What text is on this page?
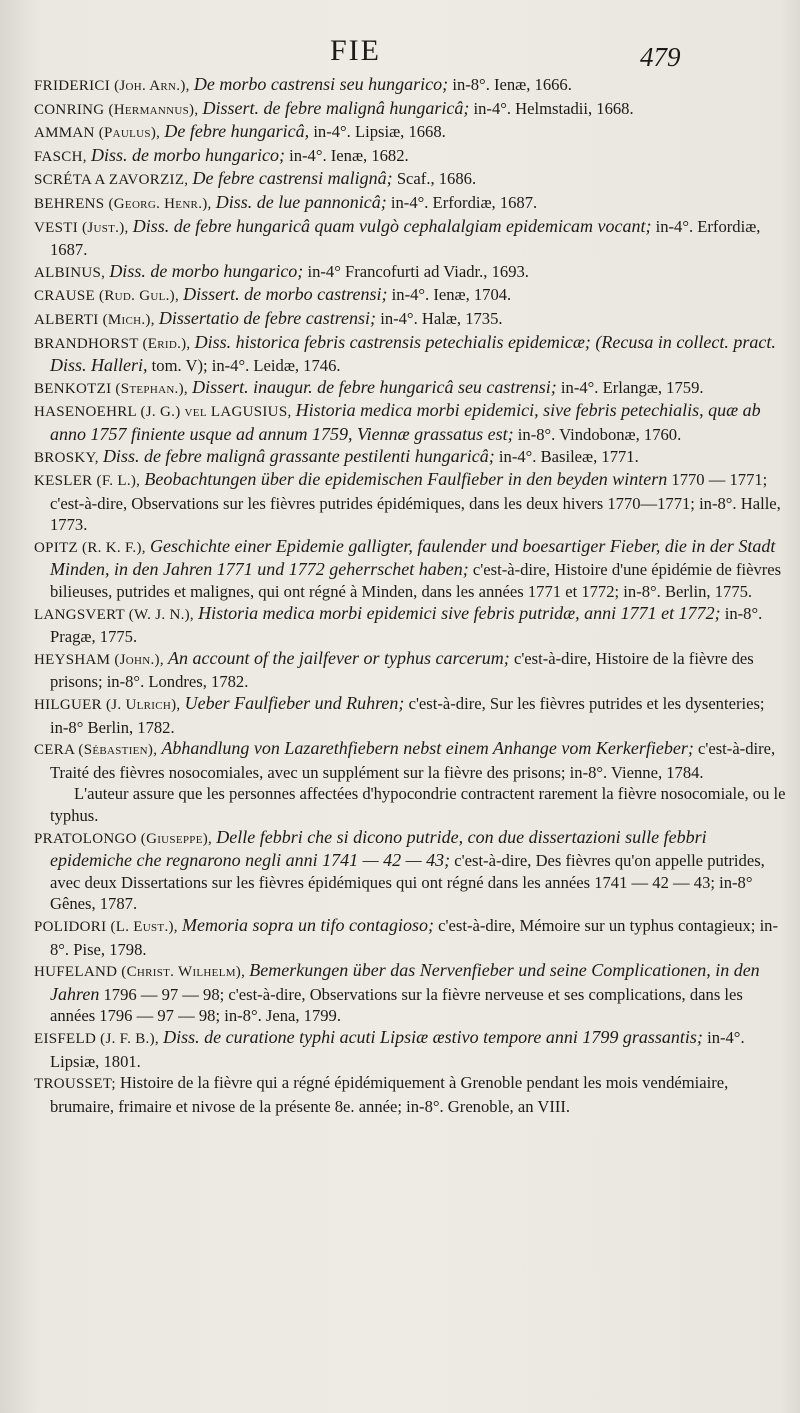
FIE	479

FRIDERICI (Joh. Arn.), De morbo castrensi seu hungarico; in-8°. Ienæ, 1666.

CONRING (Hermannus), Dissert. de febre malignâ hungaricâ; in-4°. Helmstadii, 1668.

AMMAN (Paulus), De febre hungaricâ, in-4°. Lipsiæ, 1668.

FASCH, Diss. de morbo hungarico; in-4°. Ienæ, 1682.

SCRÉTA A ZAVORZIZ, De febre castrensi malignâ; Scaf., 1686.

BEHRENS (Georg. Henr.), Diss. de lue pannonicâ; in-4°. Erfordiæ, 1687.

VESTI (Just.), Diss. de febre hungaricâ quam vulgò cephalalgiam epidemicam vocant; in-4°. Erfordiæ, 1687.

ALBINUS, Diss. de morbo hungarico; in-4° Francofurti ad Viadr., 1693.

CRAUSE (Rud. Gul.), Dissert. de morbo castrensi; in-4°. Ienæ, 1704.

ALBERTI (Mich.), Dissertatio de febre castrensi; in-4°. Halæ, 1735.

BRANDHORST (Erid.), Diss. historica febris castrensis petechialis epidemicæ; (Recusa in collect. pract. Diss. Halleri, tom. V); in-4°. Leidæ, 1746.

BENKOTZI (Stephan.), Dissert. inaugur. de febre hungaricâ seu castrensi; in-4°. Erlangæ, 1759.

HASENOEHRL (J. G.) vel LAGUSIUS, Historia medica morbi epidemici, sive febris petechialis, quæ ab anno 1757 finiente usque ad annum 1759, Viennæ grassatus est; in-8°. Vindobonæ, 1760.

BROSKY, Diss. de febre malignâ grassante pestilenti hungaricâ; in-4°. Basileæ, 1771.

KESLER (F. L.), Beobachtungen über die epidemischen Faulfieber in den beyden wintern 1770 — 1771; c'est-à-dire, Observations sur les fièvres putrides épidémiques, dans les deux hivers 1770—1771; in-8°. Halle, 1773.

OPITZ (R. K. F.), Geschichte einer Epidemie galligter, faulender und boesartiger Fieber, die in der Stadt Minden, in den Jahren 1771 und 1772 geherrschet haben; c'est-à-dire, Histoire d'une épidémie de fièvres bilieuses, putrides et malignes, qui ont régné à Minden, dans les années 1771 et 1772; in-8°. Berlin, 1775.

LANGSVERT (W. J. N.), Historia medica morbi epidemici sive febris putridæ, anni 1771 et 1772; in-8°. Pragæ, 1775.

HEYSHAM (John.), An account of the jailfever or typhus carcerum; c'est-à-dire, Histoire de la fièvre des prisons; in-8°. Londres, 1782.

HILGUER (J. Ulrich), Ueber Faulfieber und Ruhren; c'est-à-dire, Sur les fièvres putrides et les dysenteries; in-8° Berlin, 1782.

CERA (Sébastien), Abhandlung von Lazarethfiebern nebst einem Anhange vom Kerkerfieber; c'est-à-dire, Traité des fièvres nosocomiales, avec un supplément sur la fièvre des prisons; in-8°. Vienne, 1784.

L'auteur assure que les personnes affectées d'hypocondrie contractent rarement la fièvre nosocomiale, ou le typhus.

PRATOLONGO (Giuseppe), Delle febbri che si dicono putride, con due dissertazioni sulle febbri epidemiche che regnarono negli anni 1741 — 42 — 43; c'est-à-dire, Des fièvres qu'on appelle putrides, avec deux Dissertations sur les fièvres épidémiques qui ont régné dans les années 1741 — 42 — 43; in-8° Gênes, 1787.

POLIDORI (L. Eust.), Memoria sopra un tifo contagioso; c'est-à-dire, Mémoire sur un typhus contagieux; in-8°. Pise, 1798.

HUFELAND (Christ. Wilhelm), Bemerkungen über das Nervenfieber und seine Complicationen, in den Jahren 1796 — 97 — 98; c'est-à-dire, Observations sur la fièvre nerveuse et ses complications, dans les années 1796 — 97 — 98; in-8°. Jena, 1799.

EISFELD (J. F. B.), Diss. de curatione typhi acuti Lipsiæ æstivo tempore anni 1799 grassantis; in-4°. Lipsiæ, 1801.

TROUSSET; Histoire de la fièvre qui a régné épidémiquement à Grenoble pendant les mois vendémiaire, brumaire, frimaire et nivose de la présente 8e. année; in-8°. Grenoble, an VIII.
